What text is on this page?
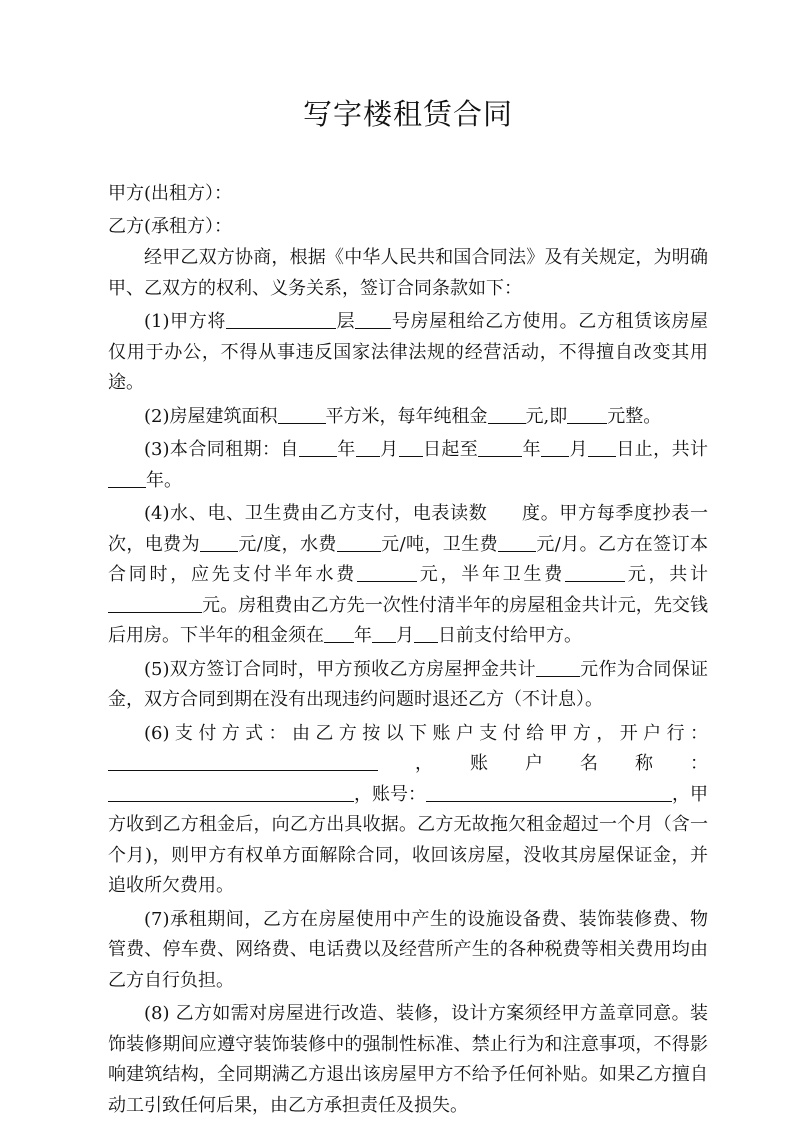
写字楼租赁合同
甲方(出租方）：
乙方(承租方）：

经甲乙双方协商，根据《中华人民共和国合同法》及有关规定，为明确甲、乙双方的权利、义务关系，签订合同条款如下：

(1)甲方将	层 号房屋租给乙方使用。乙方租赁该房屋仅用于办公，不得从事违反国家法律法规的经营活动，不得擅自改变其用途。

(2)房屋建筑面积	平方米，每年纯租金 元,即 元整。

(3)本合同租期：自 年 月 日起至 年 月 日止，共计年。

(4)水、电、卫生费由乙方支付，电表读数 度。甲方每季度抄表一次，电费为 元/度，水费 元/吨，卫生费 元/月。乙方在签订本合同时，应先支付半年水费	元，半年卫生费	元，共计元。房租费由乙方先一次性付清半年的房屋租金共计元，先交钱后用房。下半年的租金须在 年 月 日前支付给甲方。

(5)双方签订合同时，甲方预收乙方房屋押金共计 元作为合同保证金，双方合同到期在没有出现违约问题时退还乙方（不计息）。

(6)支付方式：由乙方按以下账户支付给甲方，开户行：，账户名称：，账号：	，甲方收到乙方租金后，向乙方出具收据。乙方无故拖欠租金超过一个月（含一个月)，则甲方有权单方面解除合同，收回该房屋，没收其房屋保证金，并追收所欠费用。

(7)承租期间，乙方在房屋使用中产生的设施设备费、装饰装修费、物管费、停车费、网络费、电话费以及经营所产生的各种税费等相关费用均由乙方自行负担。

(8) 乙方如需对房屋进行改造、装修，设计方案须经甲方盖章同意。装饰装修期间应遵守装饰装修中的强制性标准、禁止行为和注意事项，不得影响建筑结构，全同期满乙方退出该房屋甲方不给予任何补贴。如果乙方擅自动工引致任何后果，由乙方承担责任及损失。
